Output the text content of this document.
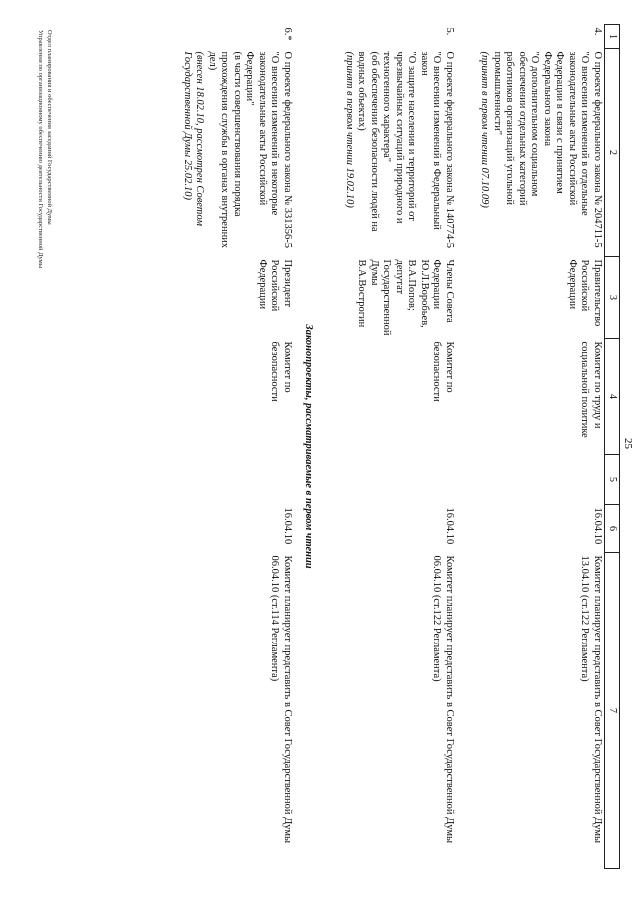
25
1	2	3	4	5	6	7
4.	О проекте федерального закона № 204711-5
"О внесении изменений в отдельные законодательные акты Российской Федерации в связи с принятием Федерального закона
"О дополнительном социальном обеспечении отдельных категорий работников организаций угольной промышленности"
(принят в первом чтении 07.10.09)	Правительство Российской Федерации	Комитет по труду и социальной политике		16.04.10	Комитет планирует представить в Совет Государственной Думы 13.04.10 (ст.122 Регламента)
5.	О проекте федерального закона № 140774-5
"О внесении изменений в Федеральный закон
"О защите населения и территорий от чрезвычайных ситуаций природного и техногенного характера"
(об обеспечении безопасности людей на водных объектах)
(принят в первом чтении 19.02.10)	Члены Совета Федерации Ю.Л.Воробьев, В.А.Попов; депутат Государственной Думы В.А.Вострогин	Комитет по безопасности		16.04.10	Комитет планирует представить в Совет Государственной Думы 06.04.10 (ст.122 Регламента)
Законопроекты, рассматриваемые в первом чтении						
6.*	О проекте федерального закона № 331356-5
"О внесении изменений в некоторые законодательные акты Российской Федерации"
(в части совершенствования порядка прохождения службы в органах внутренних дел)
(внесен 18.02.10, рассмотрен Советом Государственной Думы 25.02.10)	Президент Российской Федерации	Комитет по безопасности		16.04.10	Комитет планирует представить в Совет Государственной Думы 06.04.10 (ст.114 Регламента)
Отдел планирования и обеспечения заседаний Государственной Думы
Управления по организационному обеспечению деятельности Государственной Думы
